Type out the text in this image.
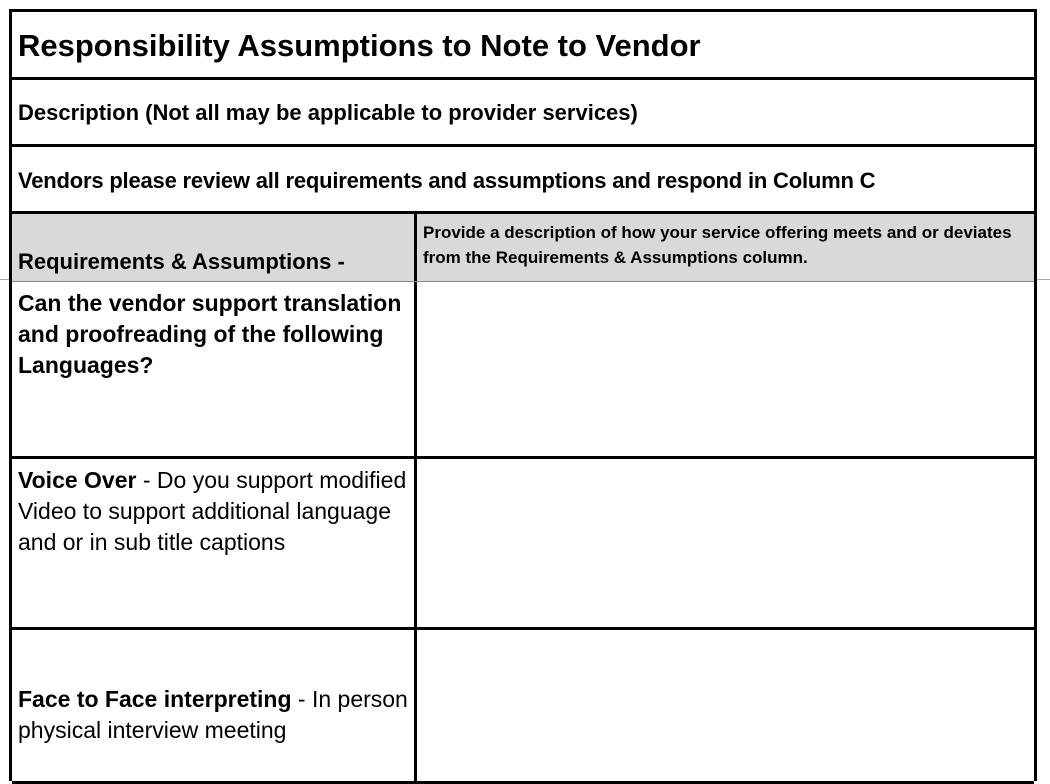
Responsibility Assumptions to Note to Vendor
Description (Not all may be applicable to provider services)
Vendors please review all requirements and assumptions and respond in Column C
Requirements & Assumptions -
Provide a description of how your service offering meets and or deviates from the Requirements & Assumptions column.
Can the vendor support translation and proofreading of the following Languages?
Voice Over - Do you support modified Video to support additional language and or in sub title captions
Face to Face interpreting - In person physical interview meeting
